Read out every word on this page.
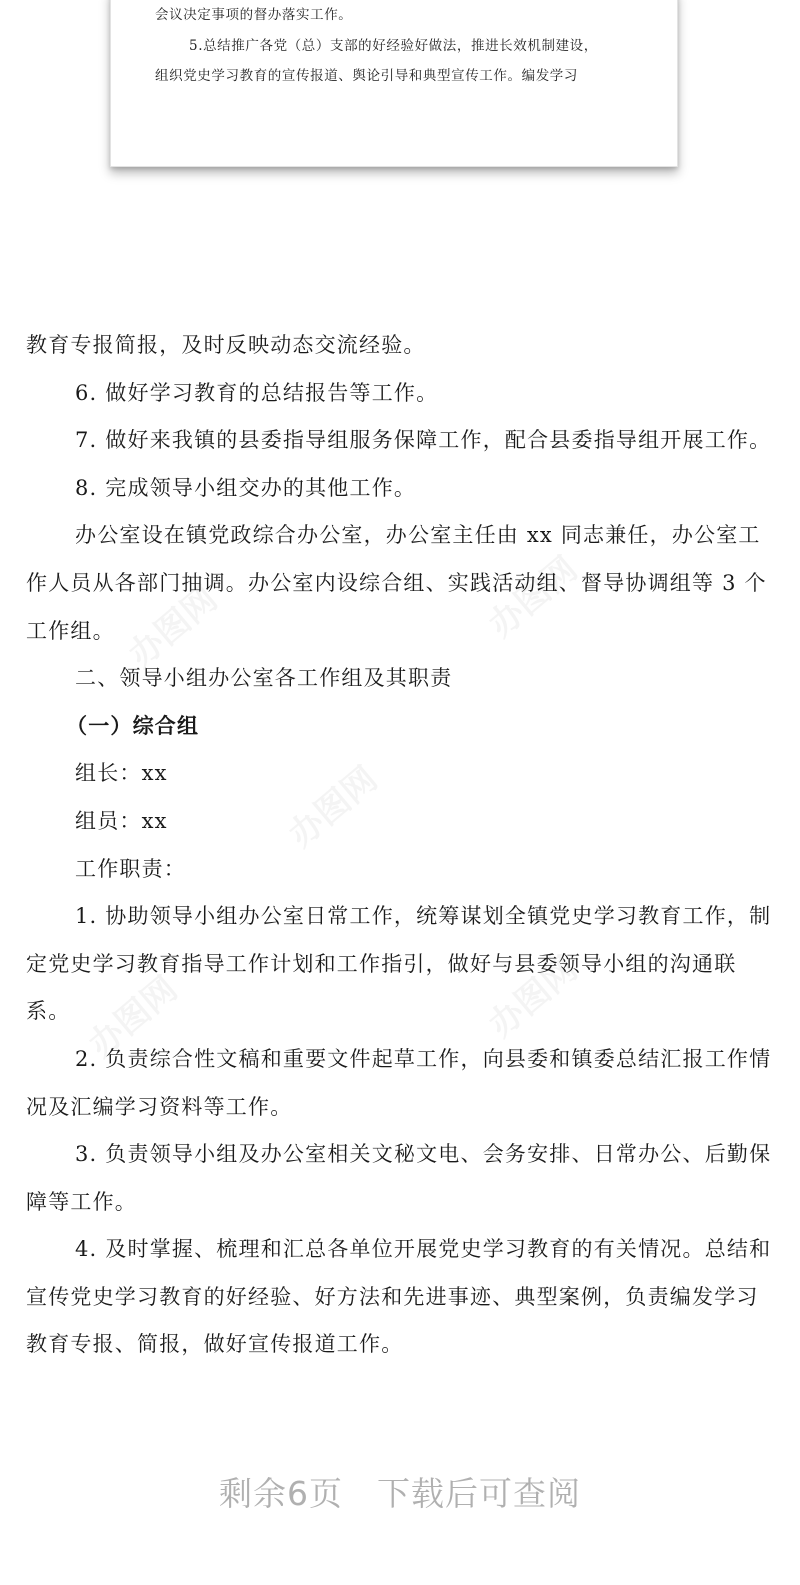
会议决定事项的督办落实工作。
5.总结推广各党（总）支部的好经验好做法，推进长效机制建设，
组织党史学习教育的宣传报道、舆论引导和典型宣传工作。编发学习
办图网	办图网
办图网
办图网	办图网

教育专报简报，及时反映动态交流经验。

6. 做好学习教育的总结报告等工作。

7. 做好来我镇的县委指导组服务保障工作，配合县委指导组开展工作。

8. 完成领导小组交办的其他工作。

办公室设在镇党政综合办公室，办公室主任由 xx 同志兼任，办公室工作人员从各部门抽调。办公室内设综合组、实践活动组、督导协调组等 3 个工作组。

二、领导小组办公室各工作组及其职责

（一）综合组

组长：xx

组员：xx

工作职责：

1. 协助领导小组办公室日常工作，统筹谋划全镇党史学习教育工作，制定党史学习教育指导工作计划和工作指引，做好与县委领导小组的沟通联系。

2. 负责综合性文稿和重要文件起草工作，向县委和镇委总结汇报工作情况及汇编学习资料等工作。

3. 负责领导小组及办公室相关文秘文电、会务安排、日常办公、后勤保障等工作。

4. 及时掌握、梳理和汇总各单位开展党史学习教育的有关情况。总结和宣传党史学习教育的好经验、好方法和先进事迹、典型案例，负责编发学习教育专报、简报，做好宣传报道工作。

剩余6页 下载后可查阅
